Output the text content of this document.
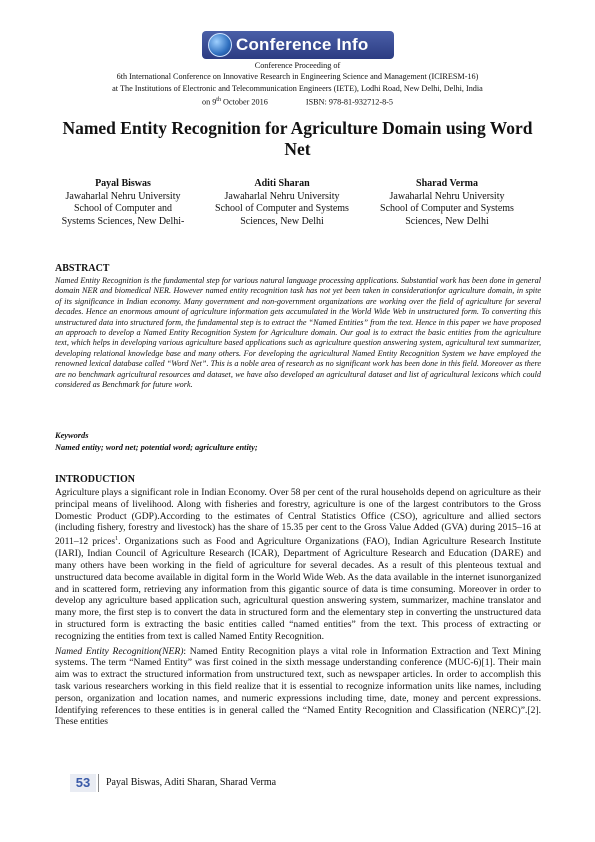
Conference Info
Conference Proceeding of
6th International Conference on Innovative Research in Engineering Science and Management (ICIRESM-16)
at The Institutions of Electronic and Telecommunication Engineers (IETE), Lodhi Road, New Delhi, Delhi, India
on 9th October 2016	ISBN: 978-81-932712-8-5
Named Entity Recognition for Agriculture Domain using Word Net
Payal Biswas
Jawaharlal Nehru University
School of Computer and
Systems Sciences, New Delhi-
Aditi Sharan
Jawaharlal Nehru University
School of Computer and Systems
Sciences, New Delhi
Sharad Verma
Jawaharlal Nehru University
School of Computer and Systems
Sciences, New Delhi
ABSTRACT
Named Entity Recognition is the fundamental step for various natural language processing applications. Substantial work has been done in general domain NER and biomedical NER. However named entity recognition task has not yet been taken in considerationfor agriculture domain, in spite of its significance in Indian economy. Many government and non-government organizations are working over the field of agriculture for several decades. Hence an enormous amount of agriculture information gets accumulated in the World Wide Web in unstructured form. To converting this unstructured data into structured form, the fundamental step is to extract the “Named Entities” from the text. Hence in this paper we have proposed an approach to develop a Named Entity Recognition System for Agriculture domain. Our goal is to extract the basic entities from the agriculture text, which helps in developing various agriculture based applications such as agriculture question answering system, agricultural text summarizer, developing relational knowledge base and many others. For developing the agricultural Named Entity Recognition System we have employed the renowned lexical database called “Word Net”. This is a noble area of research as no significant work has been done in this field. Moreover as there are no benchmark agricultural resources and dataset, we have also developed an agricultural dataset and list of agricultural lexicons which could considered as Benchmark for future work.
Keywords
Named entity; word net; potential word; agriculture entity;
INTRODUCTION

Agriculture plays a significant role in Indian Economy. Over 58 per cent of the rural households depend on agriculture as their principal means of livelihood. Along with fisheries and forestry, agriculture is one of the largest contributors to the Gross Domestic Product (GDP).According to the estimates of Central Statistics Office (CSO), agriculture and allied sectors (including fishery, forestry and livestock) has the share of 15.35 per cent to the Gross Value Added (GVA) during 2015–16 at 2011–12 prices$^1$. Organizations such as Food and Agriculture Organizations (FAO), Indian Agriculture Research Institute (IARI), Indian Council of Agriculture Research (ICAR), Department of Agriculture Research and Education (DARE) and many others have been working in the field of agriculture for several decades. As a result of this plenteous textual and unstructured data become available in digital form in the World Wide Web. As the data available in the internet isunorganized and in scattered form, retrieving any information from this gigantic source of data is time consuming. Moreover in order to develop any agriculture based application such, agricultural question answering system, summarizer, machine translator and many more, the first step is to convert the data in structured form and the elementary step in converting the unstructured data in structured form is extracting the basic entities called “named entities” from the text. This process of extracting or recognizing the entities from text is called Named Entity Recognition.

Named Entity Recognition(NER): Named Entity Recognition plays a vital role in Information Extraction and Text Mining systems. The term “Named Entity” was first coined in the sixth message understanding conference (MUC-6)[1]. Their main aim was to extract the structured information from unstructured text, such as newspaper articles. In order to accomplish this task various researchers working in this field realize that it is essential to recognize information units like names, including person, organization and location names, and numeric expressions including time, date, money and percent expressions. Identifying references to these entities is in general called the “Named Entity Recognition and Classification (NERC)”.[2]. These entities

53	Payal Biswas, Aditi Sharan, Sharad Verma
